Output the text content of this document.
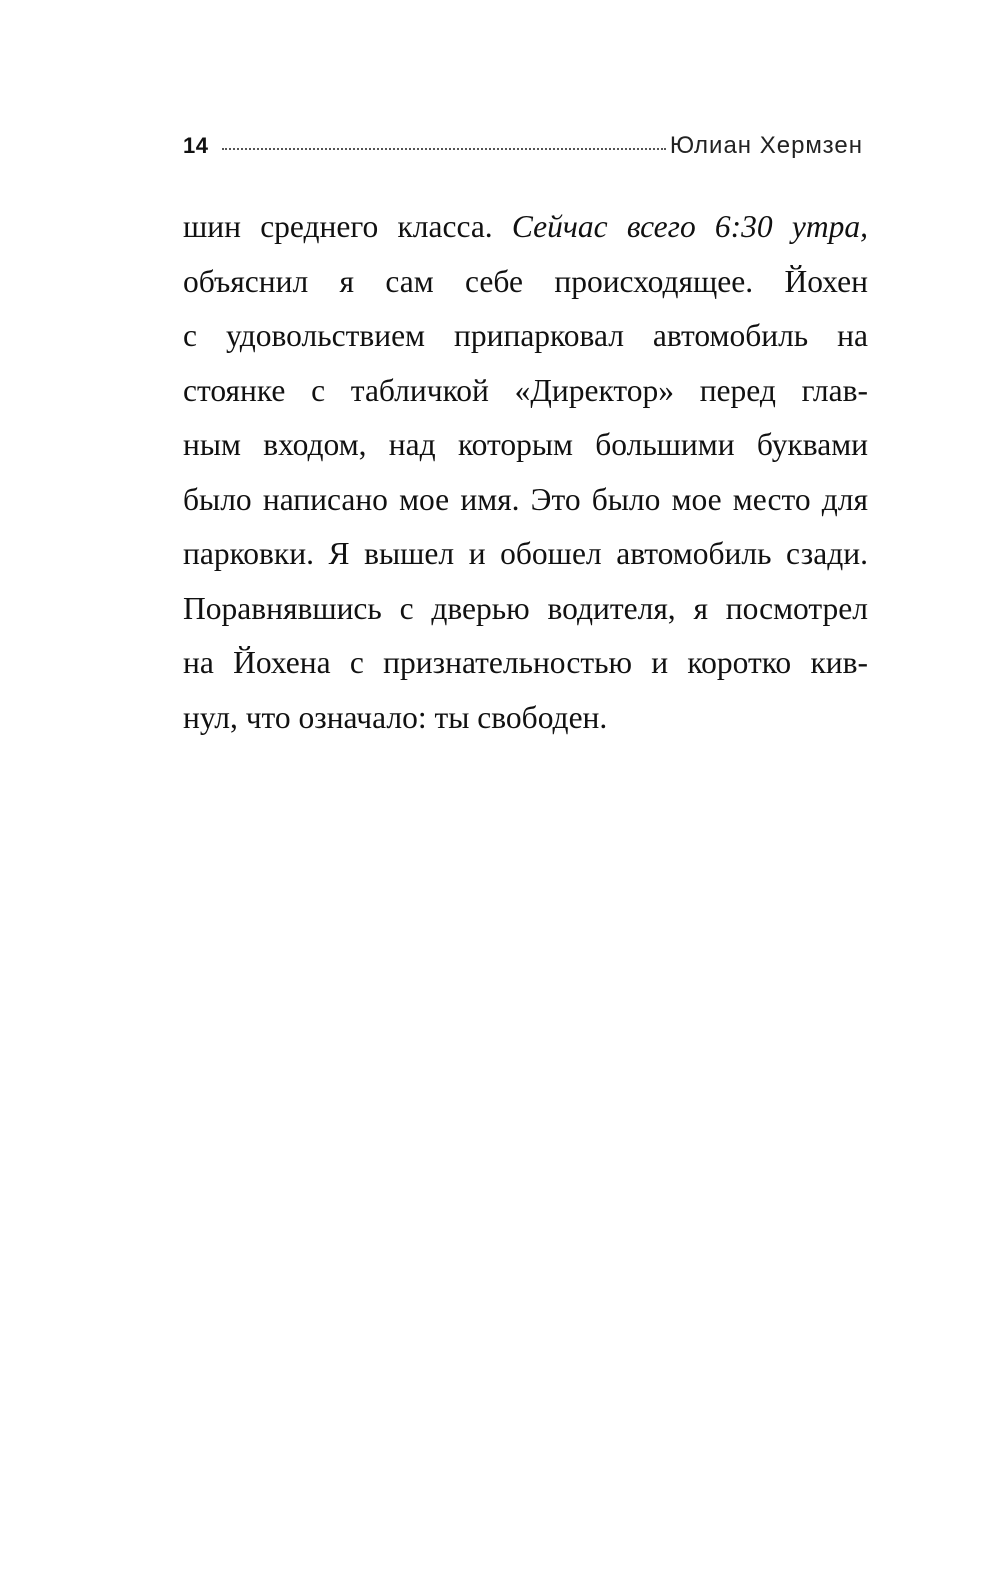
14	Юлиан Хермзен
шин среднего класса. Сейчас всего 6:30 утра,
объяснил я сам себе происходящее. Йохен
с удовольствием припарковал автомобиль на
стоянке с табличкой «Директор» перед глав-
ным входом, над которым большими буквами
было написано мое имя. Это было мое место для
парковки. Я вышел и обошел автомобиль сзади.
Поравнявшись с дверью водителя, я посмотрел
на Йохена с признательностью и коротко кив-
нул, что означало: ты свободен.
